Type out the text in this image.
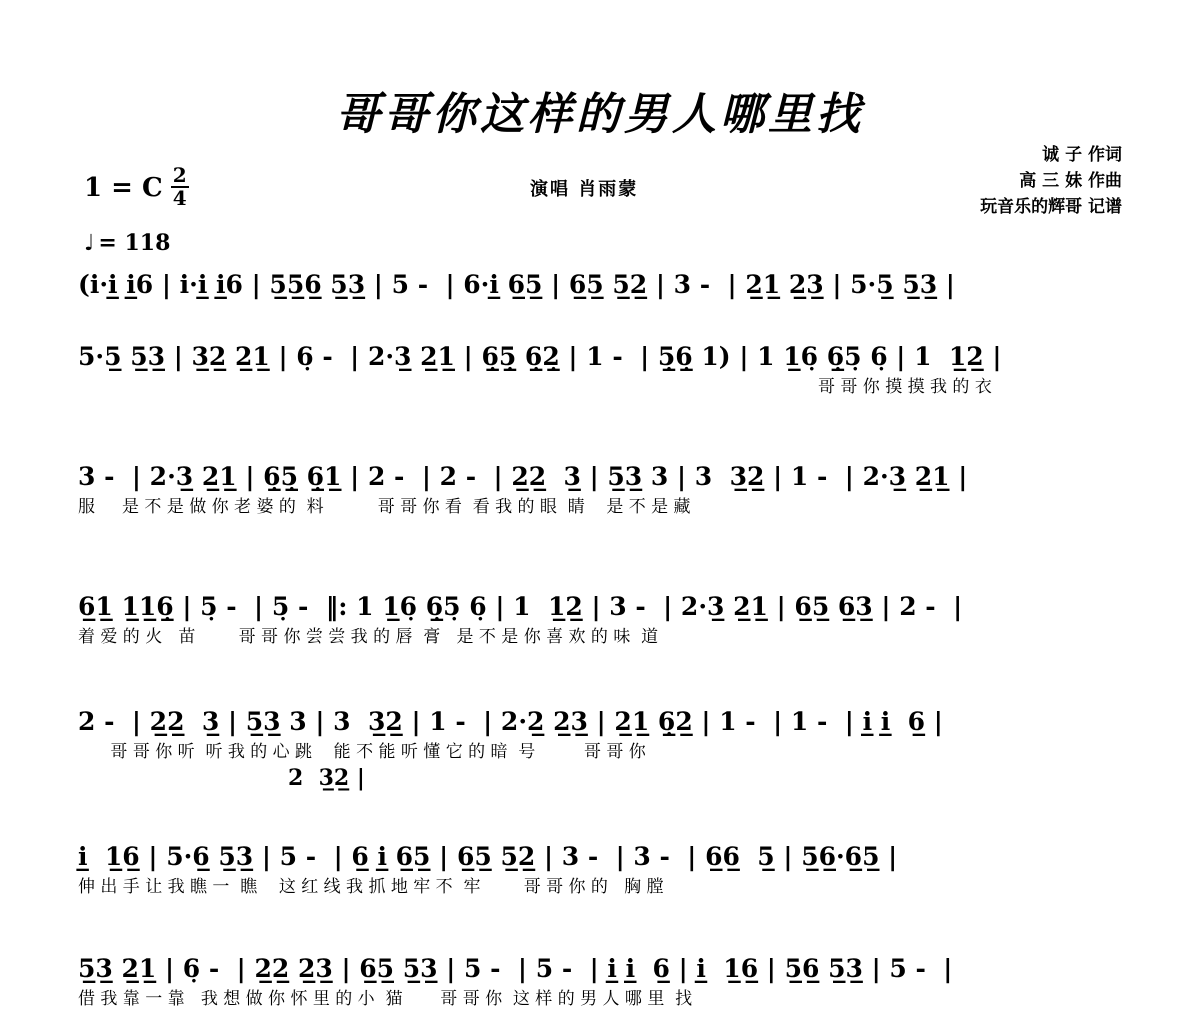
哥哥你这样的男人哪里找
诚 子 作词
高 三 妹 作曲
玩音乐的辉哥 记谱
1 = C $\frac{2}{4}$	演唱 肖雨蒙
♩ = 118
(i·i̲ i̲6 | i·i̲ i̲6 | 5̲5̲6̲ 5̲3̲ | 5 -  | 6·i̲ 6̲5̲ | 6̲5̲ 5̲2̲ | 3 -  | 2̲1̲ 2̲3̲ | 5·5̲ 5̲3̲ |
5·5̲ 5̲3̲ | 3̲2̲ 2̲1̲ | 6̣ -  | 2·3̲ 2̲1̲ | 6̣̲5̣̲ 6̣̲2̣̲ | 1 -  | 5̣̲6̣̲ 1) | 1 1̲6̣ 6̣̲5̣ 6̣ | 1  1̲2̲ |
哥 哥 你 摸 摸 我 的 衣
3 -  | 2·3̲ 2̲1̲ | 6̣̲5̣̲ 6̣̲1̲ | 2 -  | 2 -  | 2̲2̲  3̲ | 5̲3̲ 3 | 3  3̲2̲ | 1 -  | 2·3̲ 2̲1̲ |
服     是 不 是 做 你 老 婆 的  料          哥 哥 你 看  看 我 的 眼  睛    是 不 是 藏
6̲1̲ 1̲1̲6̣̲ | 5̣ -  | 5̣ -  ‖: 1 1̲6̣ 6̣̲5̣ 6̣ | 1  1̲2̲ | 3 -  | 2·3̲ 2̲1̲ | 6̲5̲ 6̲3̲ | 2 -  |
着 爱 的 火   苗        哥 哥 你 尝 尝 我 的 唇  膏   是 不 是 你 喜 欢 的 味  道
2 -  | 2̲2̲  3̲ | 5̲3̲ 3 | 3  3̲2̲ | 1 -  | 2·2̲ 2̲3̲ | 2̲1̲ 6̣̲2̲ | 1 -  | 1 -  | i̲ i̲  6̲ |
哥 哥 你 听  听 我 的 心 跳    能 不 能 听 懂 它 的 暗  号         哥 哥 你
2  3̲2̲ |
i̲  1̲6̲ | 5·6̲ 5̲3̲ | 5 -  | 6̲ i̲ 6̲5̲ | 6̲5̲ 5̲2̲ | 3 -  | 3 -  | 6̲6̲  5̲ | 5̲6̲·6̲5̲ |
伸 出 手 让 我 瞧 一  瞧    这 红 线 我 抓 地 牢 不  牢        哥 哥 你 的   胸 膛
5̲3̲ 2̲1̲ | 6̣ -  | 2̲2̲ 2̲3̲ | 6̲5̲ 5̲3̲ | 5 -  | 5 -  | i̲ i̲  6̲ | i̲  1̲6̲ | 5̲6̲ 5̲3̲ | 5 -  |
借 我 靠 一 靠   我 想 做 你 怀 里 的 小  猫       哥 哥 你  这 样 的 男 人 哪 里  找
